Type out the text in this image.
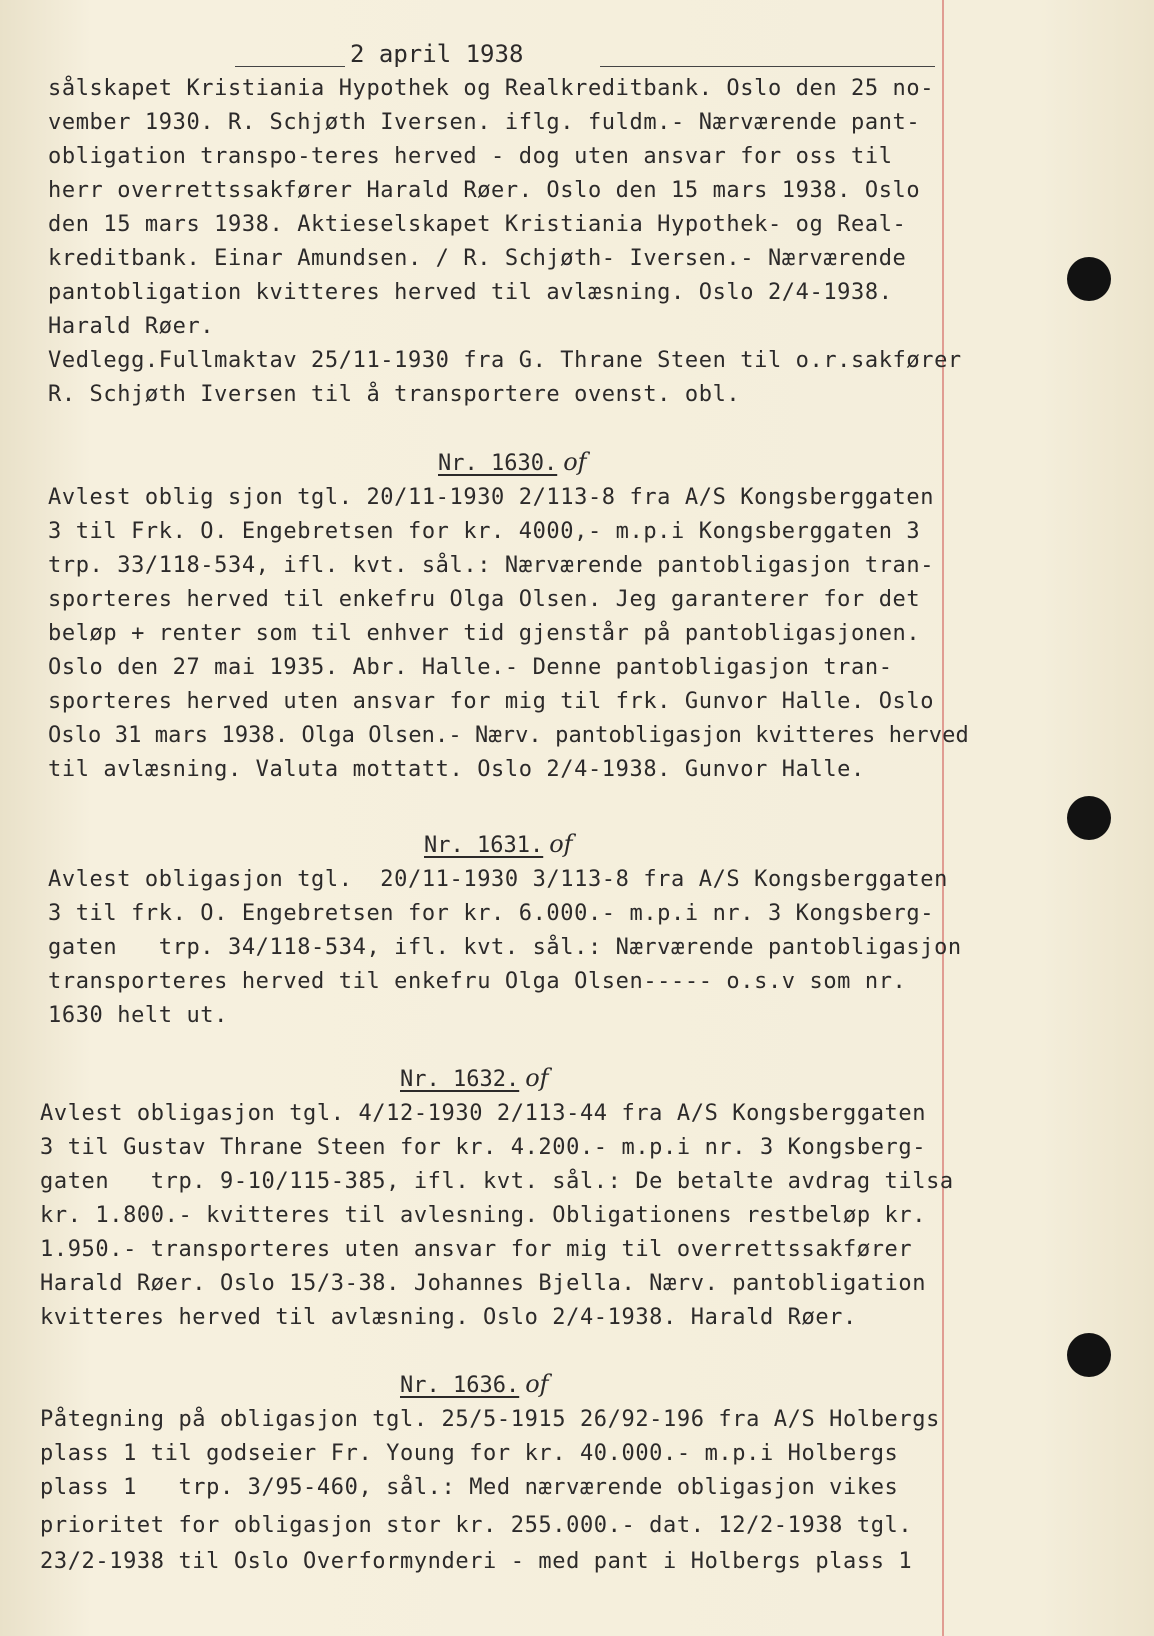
2 april 1938
sålskapet Kristiania Hypothek og Realkreditbank. Oslo den 25 no-
vember 1930. R. Schjøth Iversen. iflg. fuldm.- Nærværende pant-
obligation transpo-teres herved - dog uten ansvar for oss til
herr overrettssakfører Harald Røer. Oslo den 15 mars 1938. Oslo
den 15 mars 1938. Aktieselskapet Kristiania Hypothek- og Real-
kreditbank. Einar Amundsen. / R. Schjøth- Iversen.- Nærværende
pantobligation kvitteres herved til avlæsning. Oslo 2/4-1938.
Harald Røer.
Vedlegg.Fullmaktav 25/11-1930 fra G. Thrane Steen til o.r.sakfører
R. Schjøth Iversen til å transportere ovenst. obl.
Nr. 1630. of
Avlest oblig sjon tgl. 20/11-1930 2/113-8 fra A/S Kongsberggaten
3 til Frk. O. Engebretsen for kr. 4000,- m.p.i Kongsberggaten 3
trp. 33/118-534, ifl. kvt. sål.: Nærværende pantobligasjon tran-
sporteres herved til enkefru Olga Olsen. Jeg garanterer for det
beløp + renter som til enhver tid gjenstår på pantobligasjonen.
Oslo den 27 mai 1935. Abr. Halle.- Denne pantobligasjon tran-
sporteres herved uten ansvar for mig til frk. Gunvor Halle. Oslo
Oslo 31 mars 1938. Olga Olsen.- Nærv. pantobligasjon kvitteres herved
til avlæsning. Valuta mottatt. Oslo 2/4-1938. Gunvor Halle.
Nr. 1631. of
Avlest obligasjon tgl.  20/11-1930 3/113-8 fra A/S Kongsberggaten
3 til frk. O. Engebretsen for kr. 6.000.- m.p.i nr. 3 Kongsberg-
gaten   trp. 34/118-534, ifl. kvt. sål.: Nærværende pantobligasjon
transporteres herved til enkefru Olga Olsen----- o.s.v som nr.
1630 helt ut.
Nr. 1632. of
Avlest obligasjon tgl. 4/12-1930 2/113-44 fra A/S Kongsberggaten
3 til Gustav Thrane Steen for kr. 4.200.- m.p.i nr. 3 Kongsberg-
gaten   trp. 9-10/115-385, ifl. kvt. sål.: De betalte avdrag tilsa
kr. 1.800.- kvitteres til avlesning. Obligationens restbeløp kr.
1.950.- transporteres uten ansvar for mig til overrettssakfører
Harald Røer. Oslo 15/3-38. Johannes Bjella. Nærv. pantobligation
kvitteres herved til avlæsning. Oslo 2/4-1938. Harald Røer.
Nr. 1636. of
Påtegning på obligasjon tgl. 25/5-1915 26/92-196 fra A/S Holbergs
plass 1 til godseier Fr. Young for kr. 40.000.- m.p.i Holbergs
plass 1   trp. 3/95-460, sål.: Med nærværende obligasjon vikes
prioritet for obligasjon stor kr. 255.000.- dat. 12/2-1938 tgl.
23/2-1938 til Oslo Overformynderi - med pant i Holbergs plass 1
